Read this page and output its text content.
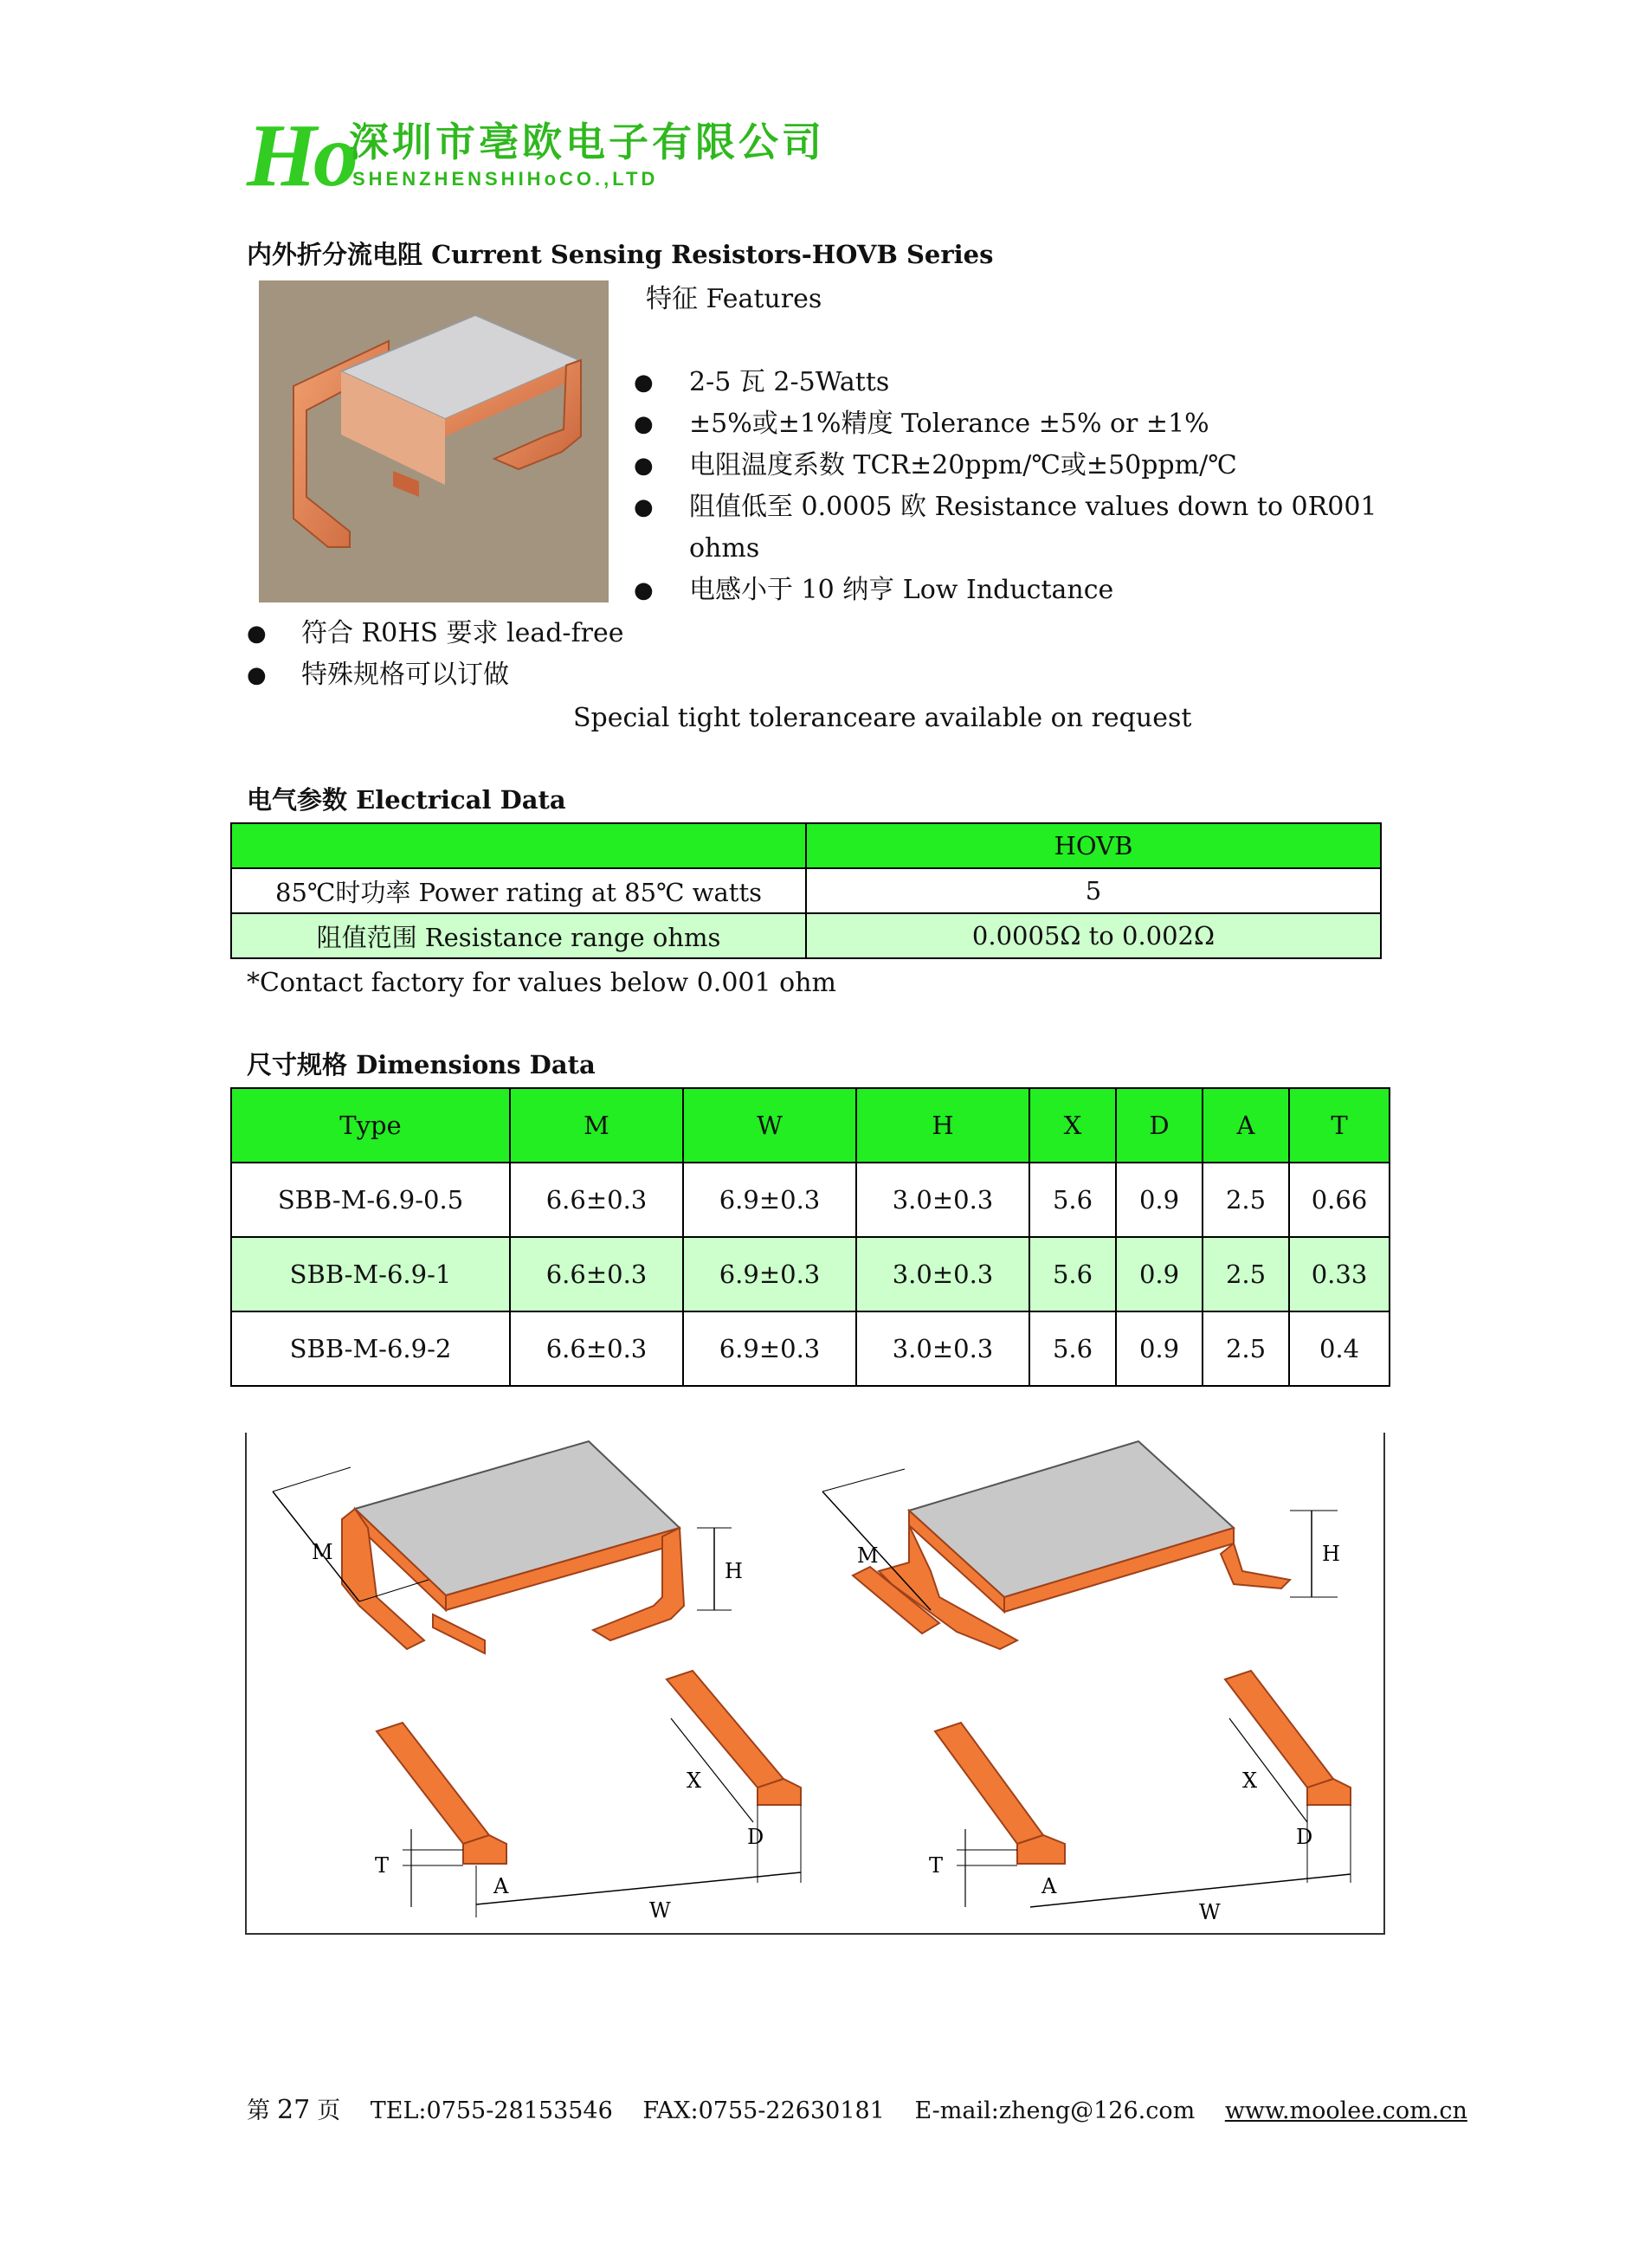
Ho
深圳市亳欧电子有限公司
SHENZHENSHIHoCO.,LTD
内外折分流电阻 Current Sensing Resistors-HOVB Series
特征 Features
● 2-5 瓦 2-5Watts
● ±5%或±1%精度 Tolerance ±5% or ±1%
● 电阻温度系数 TCR±20ppm/℃或±50ppm/℃
● 阻值低至 0.0005 欧 Resistance values down to 0R001
ohms
● 电感小于 10 纳亨 Low Inductance
● 符合 R0HS 要求 lead-free
● 特殊规格可以订做
Special tight toleranceare available on request
电气参数 Electrical Data
	HOVB
85℃时功率 Power rating at 85℃ watts	5
阻值范围 Resistance range ohms	0.0005Ω to 0.002Ω
*Contact factory for values below 0.001 ohm
尺寸规格 Dimensions Data
Type	M	W	H	X	D	A	T
SBB-M-6.9-0.5	6.6±0.3	6.9±0.3	3.0±0.3	5.6	0.9	2.5	0.66
SBB-M-6.9-1	6.6±0.3	6.9±0.3	3.0±0.3	5.6	0.9	2.5	0.33
SBB-M-6.9-2	6.6±0.3	6.9±0.3	3.0±0.3	5.6	0.9	2.5	0.4
M
H
T
A
X
D
W
M	H
T
A
X
D
W
第 27 页 TEL:0755-28153546 FAX:0755-22630181 E-mail:zheng@126.com www.moolee.com.cn
